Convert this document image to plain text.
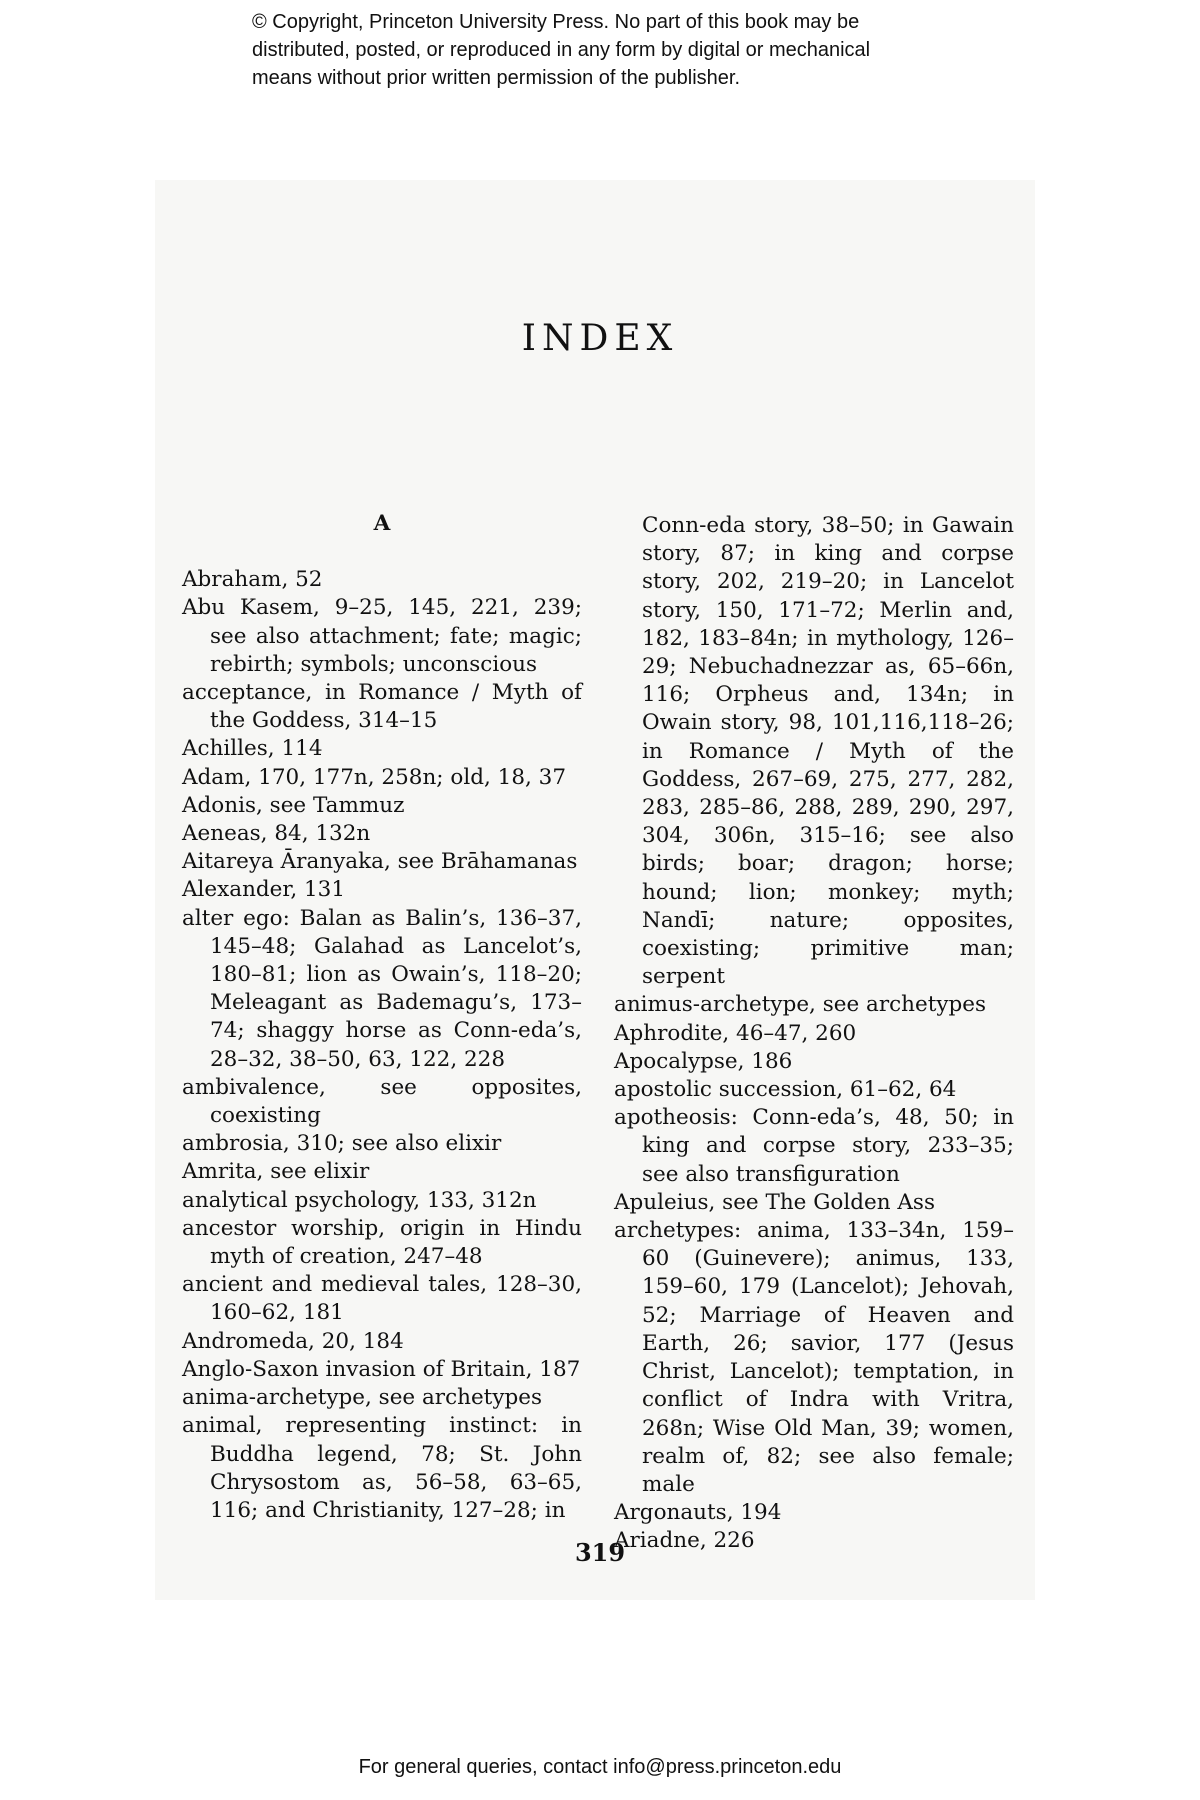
© Copyright, Princeton University Press. No part of this book may be
distributed, posted, or reproduced in any form by digital or mechanical
means without prior written permission of the publisher.
INDEX
A
Abraham, 52
Abu Kasem, 9–25, 145, 221, 239; see also attachment; fate; magic; rebirth; symbols; unconscious
acceptance, in Romance / Myth of the Goddess, 314–15
Achilles, 114
Adam, 170, 177n, 258n; old, 18, 37
Adonis, see Tammuz
Aeneas, 84, 132n
Aitareya Āranyaka, see Brāhamanas
Alexander, 131
alter ego: Balan as Balin’s, 136–37, 145–48; Galahad as Lancelot’s, 180–81; lion as Owain’s, 118–20; Meleagant as Bademagu’s, 173–74; shaggy horse as Conn-eda’s, 28–32, 38–50, 63, 122, 228
ambivalence, see opposites, coexisting
ambrosia, 310; see also elixir
Amrita, see elixir
analytical psychology, 133, 312n
ancestor worship, origin in Hindu myth of creation, 247–48
ancient and medieval tales, 128–30, 160–62, 181
Andromeda, 20, 184
Anglo-Saxon invasion of Britain, 187
anima-archetype, see archetypes
animal, representing instinct: in Buddha legend, 78; St. John Chrysostom as, 56–58, 63–65, 116; and Christianity, 127–28; in
Conn-eda story, 38–50; in Gawain story, 87; in king and corpse story, 202, 219–20; in Lancelot story, 150, 171–72; Merlin and, 182, 183–84n; in mythology, 126–29; Nebuchadnezzar as, 65–66n, 116; Orpheus and, 134n; in Owain story, 98, 101,116,118–26; in Romance / Myth of the Goddess, 267–69, 275, 277, 282, 283, 285–86, 288, 289, 290, 297, 304, 306n, 315–16; see also birds; boar; dragon; horse; hound; lion; monkey; myth; Nandī; nature; opposites, coexisting; primitive man; serpent
animus-archetype, see archetypes
Aphrodite, 46–47, 260
Apocalypse, 186
apostolic succession, 61–62, 64
apotheosis: Conn-eda’s, 48, 50; in king and corpse story, 233–35; see also transfiguration
Apuleius, see The Golden Ass
archetypes: anima, 133–34n, 159–60 (Guinevere); animus, 133, 159–60, 179 (Lancelot); Jehovah, 52; Marriage of Heaven and Earth, 26; savior, 177 (Jesus Christ, Lancelot); temptation, in conflict of Indra with Vritra, 268n; Wise Old Man, 39; women, realm of, 82; see also female; male
Argonauts, 194
Ariadne, 226
319
For general queries, contact info@press.princeton.edu
